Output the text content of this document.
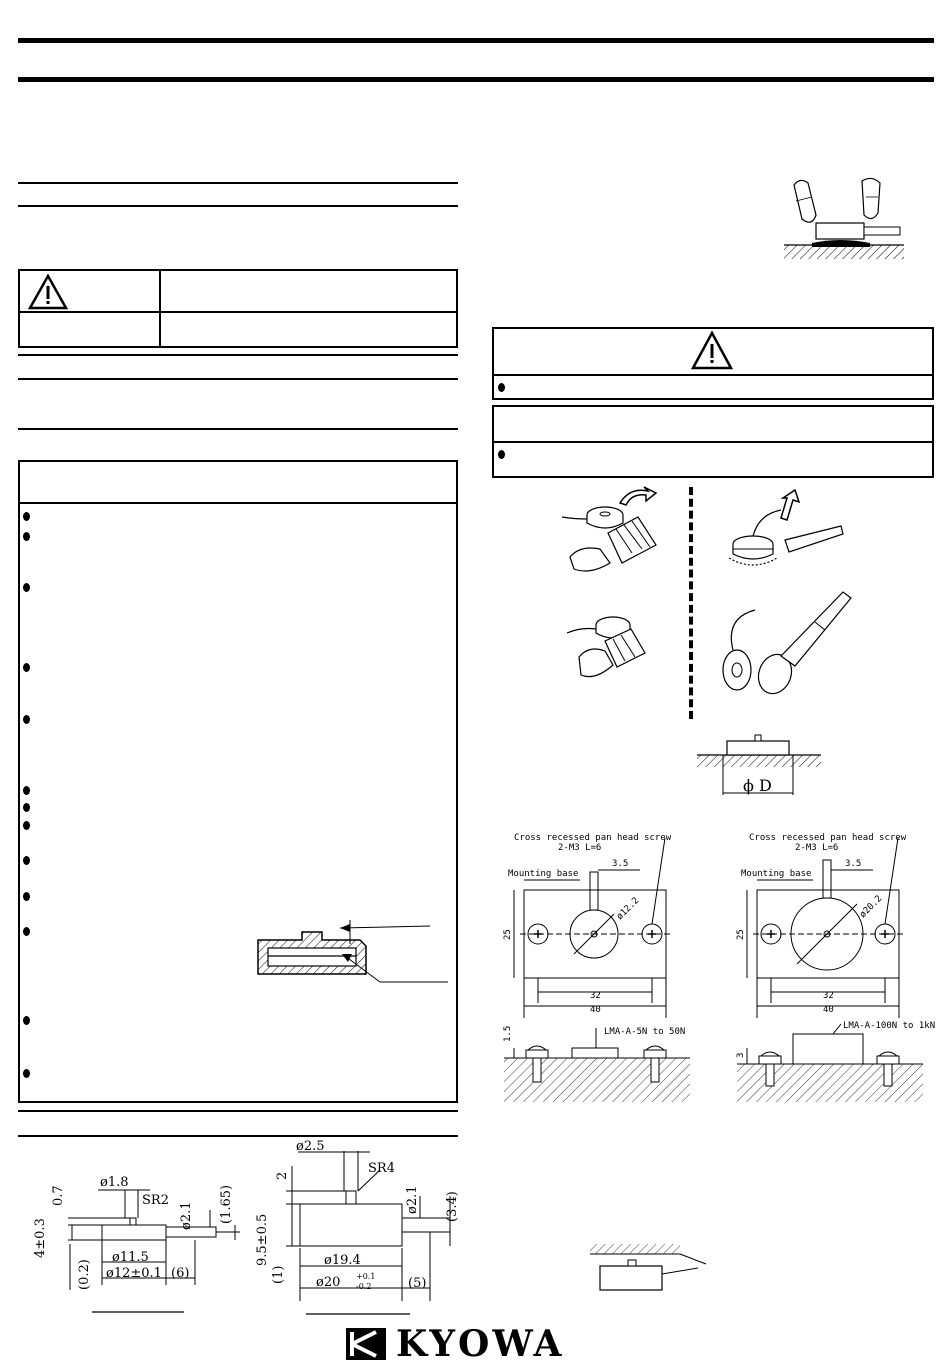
ø1.8
SR2
0.7
4±0.3
ø2.1 (1.65)
ø11.5
ø12±0.1 (6)
(0.2)
ø2.5
SR4
2
9.5±0.5
ø2.1 (3.4)
ø19.4
ø20 +0.1
-0.2	(5)
(1)
ϕ D
Cross recessed pan head screw
2-M3 L=6
Mounting base
3.5
25
32
40
ø12.2
1.5	LMA-A-5N to 50N
Cross recessed pan head screw
2-M3 L=6
Mounting base
3.5
25
32
40
ø20.2
3
LMA-A-100N to 1kN
KYOWA
